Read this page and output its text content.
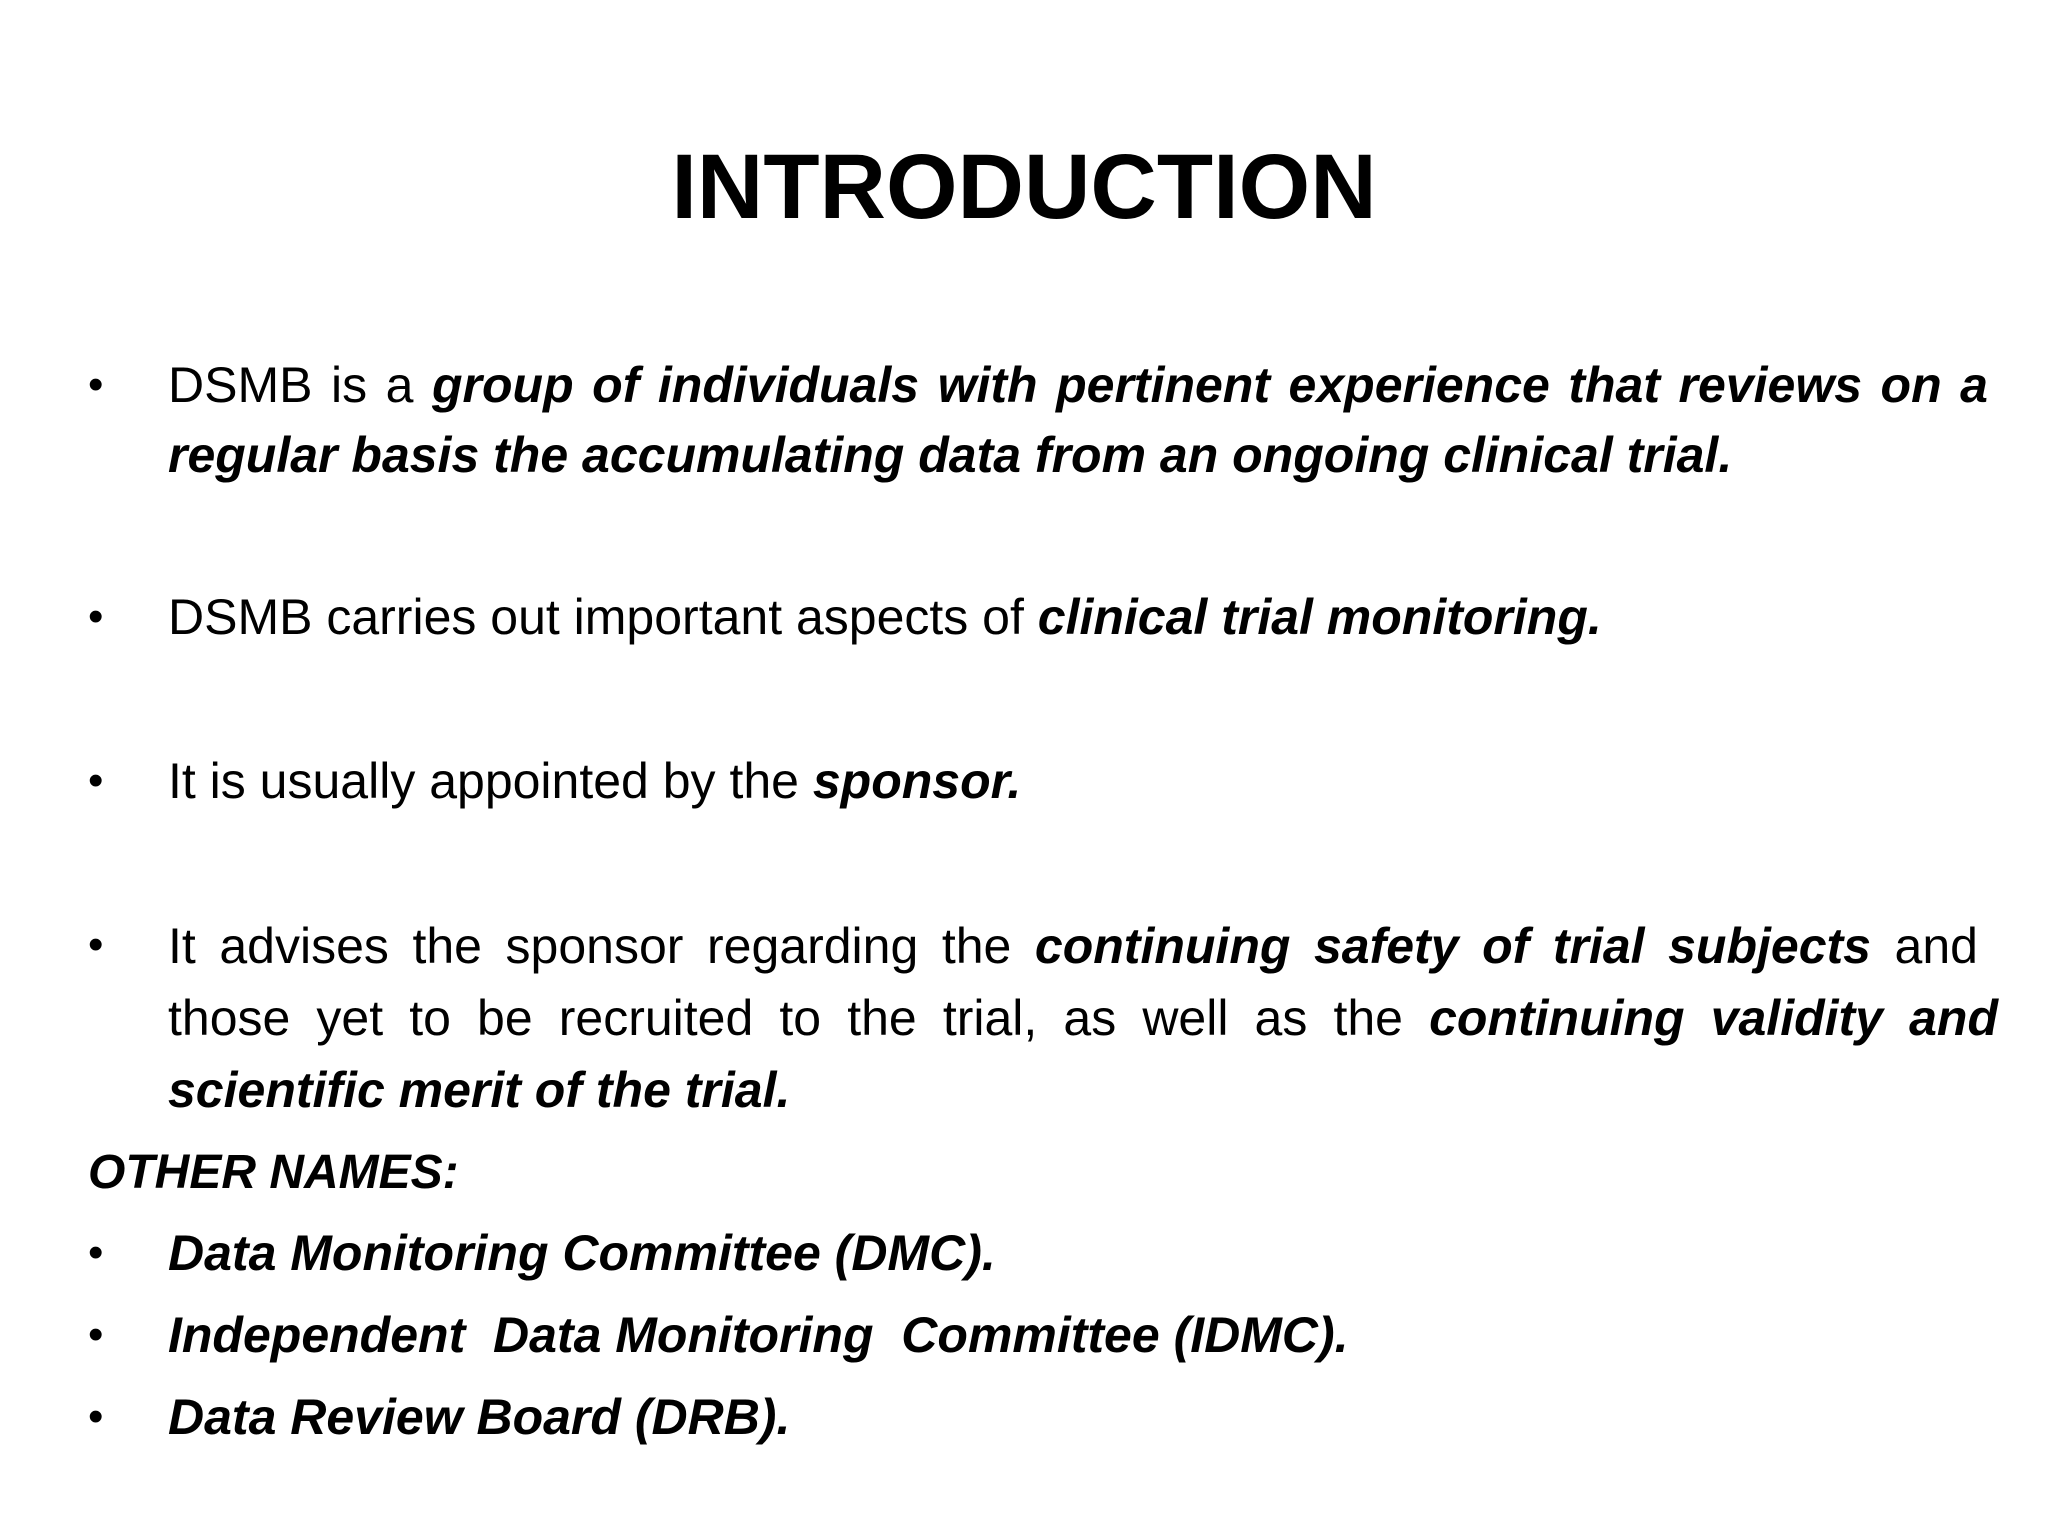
INTRODUCTION
•	DSMB is a group of individuals with pertinent experience that reviews on a
regular basis the accumulating data from an ongoing clinical trial.
•	DSMB carries out important aspects of clinical trial monitoring.
•	It is usually appointed by the sponsor.
•	It advises the sponsor regarding the continuing safety of trial subjects and
those yet to be recruited to the trial, as well as the continuing validity and
scientific merit of the trial.
OTHER NAMES:
•	Data Monitoring Committee (DMC).
•	Independent  Data Monitoring  Committee (IDMC).
•	Data Review Board (DRB).
